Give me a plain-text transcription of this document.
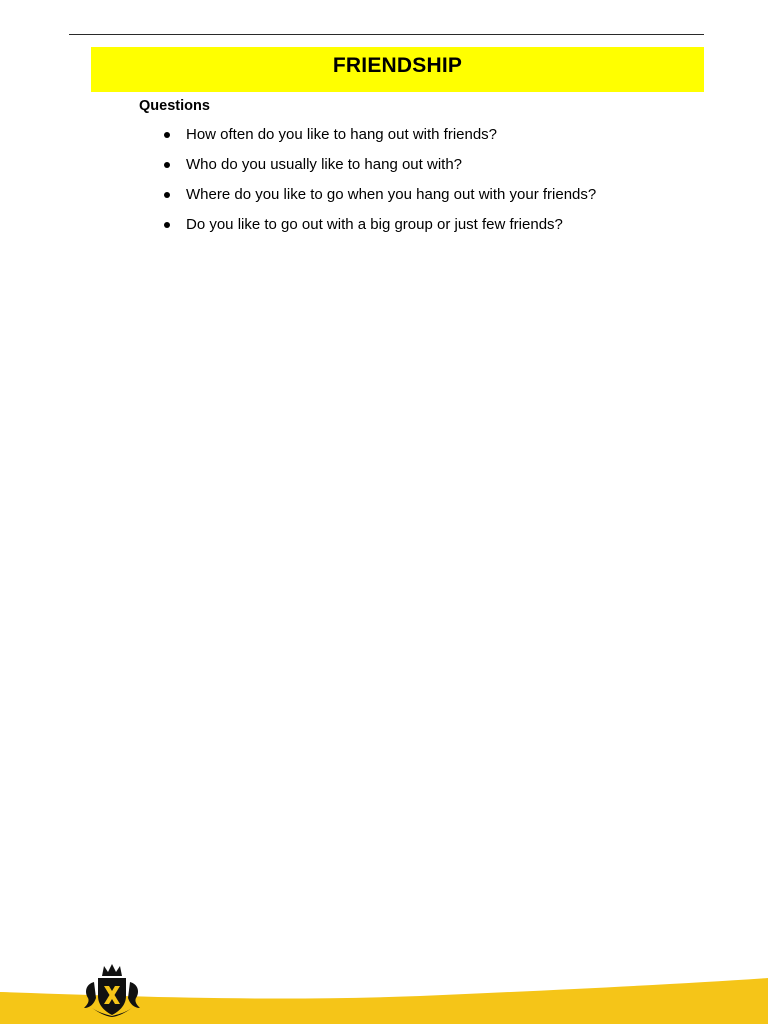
FRIENDSHIP
Questions
How often do you like to hang out with friends?
Who do you usually like to hang out with?
Where do you like to go when you hang out with your friends?
Do you like to go out with a big group or just few friends?
